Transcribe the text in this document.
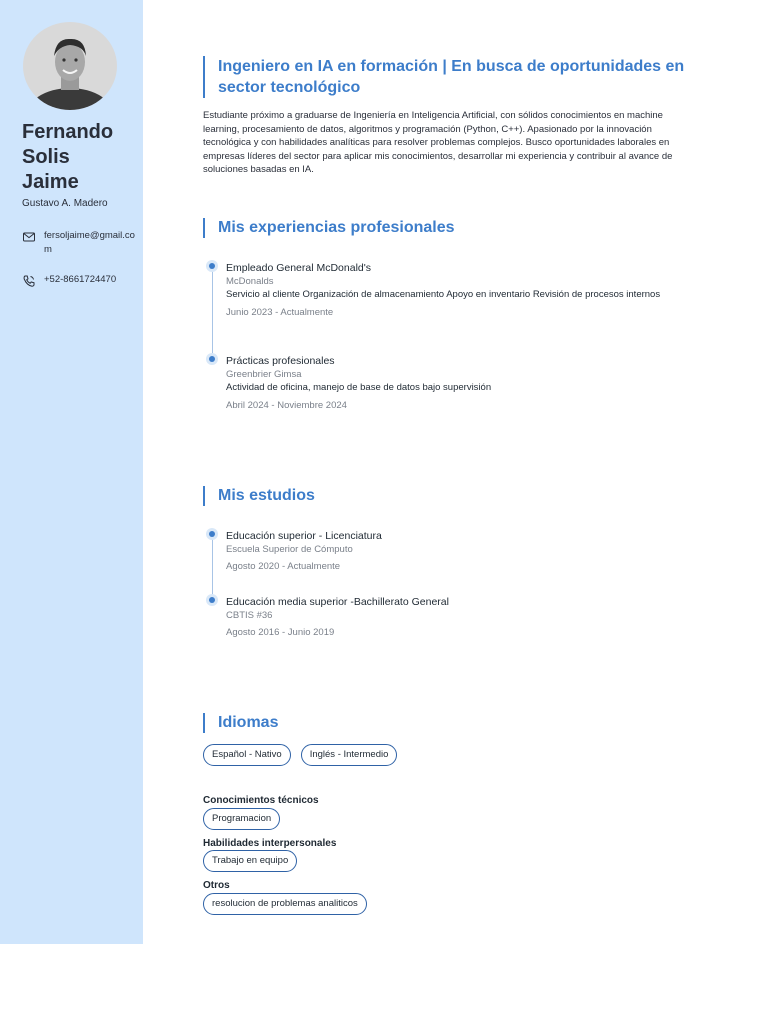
Fernando Solis Jaime
Gustavo A. Madero
fersoljaime@gmail.com
+52-8661724470
Ingeniero en IA en formación | En busca de oportunidades en sector tecnológico
Estudiante próximo a graduarse de Ingeniería en Inteligencia Artificial, con sólidos conocimientos en machine learning, procesamiento de datos, algoritmos y programación (Python, C++). Apasionado por la innovación tecnológica y con habilidades analíticas para resolver problemas complejos. Busco oportunidades laborales en empresas líderes del sector para aplicar mis conocimientos, desarrollar mi experiencia y contribuir al avance de soluciones basadas en IA.
Mis experiencias profesionales
Empleado General McDonald's
McDonalds
Servicio al cliente Organización de almacenamiento Apoyo en inventario Revisión de procesos internos
Junio 2023 - Actualmente
Prácticas profesionales
Greenbrier Gimsa
Actividad de oficina, manejo de base de datos bajo supervisión
Abril 2024 - Noviembre 2024
Mis estudios
Educación superior - Licenciatura
Escuela Superior de Cómputo
Agosto 2020 - Actualmente
Educación media superior -Bachillerato General
CBTIS #36
Agosto 2016 - Junio 2019
Idiomas
Español - Nativo	Inglés - Intermedio
Conocimientos técnicos
Programacion
Habilidades interpersonales
Trabajo en equipo
Otros
resolucion de problemas analiticos
